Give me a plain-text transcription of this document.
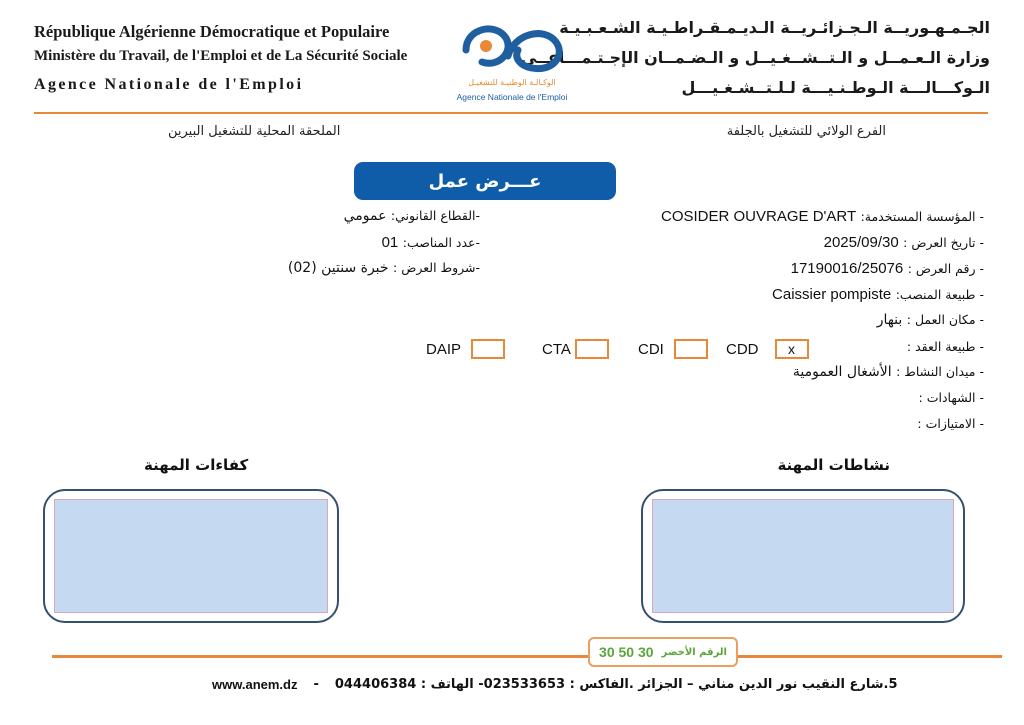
République Algérienne Démocratique et Populaire
Ministère du Travail, de l'Emploi et de La Sécurité Sociale
Agence Nationale de l'Emploi
الجـمـهـوريــة الـجـزائـريــة الـديـمـقـراطـيـة الشـعـبـيـة
وزارة الـعـمــل و الـتــشــغـيــل و الـضـمــان الإجـتـمـــاعــي
الـوكـــالـــة الـوطـنـيـــة لـلـتــشـغـيـــل
الوكـالـة الوطنيـة للتشغيـل
Agence Nationale de l'Emploi
الفرع الولائي للتشغيل بالجلفة
الملحقة المحلية للتشغيل البيرين
عـــرض عمل
- المؤسسة المستخدمة: COSIDER OUVRAGE D'ART
- تاريخ العرض : 2025/09/30
- رقم العرض : 17190016/25076
- طبيعة المنصب: Caissier pompiste
- مكان العمل : بنهار
- طبيعة العقد :
- ميدان النشاط : الأشغال العمومية
- الشهادات :
- الامتيازات :
-القطاع القانوني: عمومي
-عدد المناصب: 01
-شروط العرض : خبرة سنتين (02)
CDD	x
CDI
CTA
DAIP
نشاطات المهنة
كفاءات المهنة
الرقم الأخضر
30 50 30
www.anem.dz - 5.شارع النقيب نور الدين مناني – الجزائر .الفاكس : 023533653- الهاتف : 044406384
